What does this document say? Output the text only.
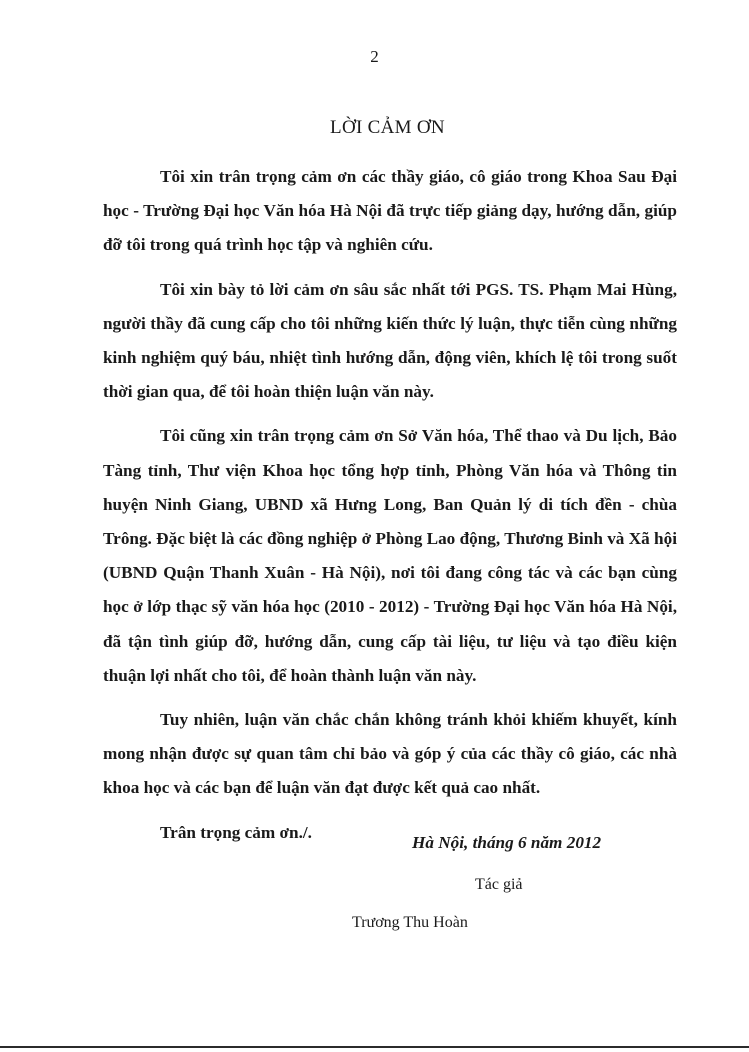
2
LỜI CẢM ƠN

Tôi xin trân trọng cảm ơn các thầy giáo, cô giáo trong Khoa Sau Đại học - Trường Đại học Văn hóa Hà Nội đã trực tiếp giảng dạy, hướng dẫn, giúp đỡ tôi trong quá trình học tập và nghiên cứu.

Tôi xin bày tỏ lời cảm ơn sâu sắc nhất tới PGS. TS. Phạm Mai Hùng, người thầy đã cung cấp cho tôi những kiến thức lý luận, thực tiễn cùng những kinh nghiệm quý báu, nhiệt tình hướng dẫn, động viên, khích lệ tôi trong suốt thời gian qua, để tôi hoàn thiện luận văn này.

Tôi cũng xin trân trọng cảm ơn Sở Văn hóa, Thể thao và Du lịch, Bảo Tàng tỉnh, Thư viện Khoa học tổng hợp tỉnh, Phòng Văn hóa và Thông tin huyện Ninh Giang, UBND xã Hưng Long, Ban Quản lý di tích đền - chùa Trông. Đặc biệt là các đồng nghiệp ở Phòng Lao động, Thương Binh và Xã hội (UBND Quận Thanh Xuân - Hà Nội), nơi tôi đang công tác và các bạn cùng học ở lớp thạc sỹ văn hóa học (2010 - 2012) - Trường Đại học Văn hóa Hà Nội, đã tận tình giúp đỡ, hướng dẫn, cung cấp tài liệu, tư liệu và tạo điều kiện thuận lợi nhất cho tôi, để hoàn thành luận văn này.

Tuy nhiên, luận văn chắc chắn không tránh khỏi khiếm khuyết, kính mong nhận được sự quan tâm chỉ bảo và góp ý của các thầy cô giáo, các nhà khoa học và các bạn để luận văn đạt được kết quả cao nhất.

Trân trọng cảm ơn./.

Hà Nội, tháng 6 năm 2012
Tác giả
Trương Thu Hoàn
